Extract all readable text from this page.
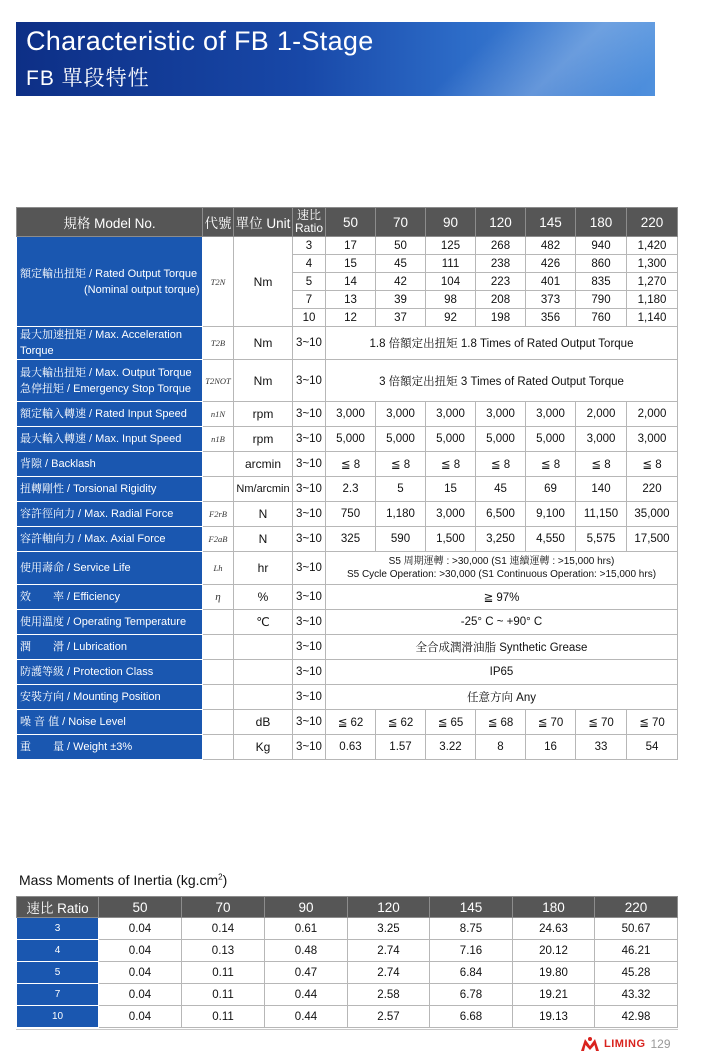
Characteristic of FB 1-Stage
FB 單段特性
規格 Model No.	代號	單位 Unit	速比
Ratio	50	70	90	120	145	180	220
額定輸出扭矩 / Rated Output Torque
(Nominal output torque)	T2N	Nm	3	17	50	125	268	482	940	1,420
			4	15	45	111	238	426	860	1,300
			5	14	42	104	223	401	835	1,270
			7	13	39	98	208	373	790	1,180
			10	12	37	92	198	356	760	1,140
最大加速扭矩 / Max. Acceleration Torque	T2B	Nm	3~10	1.8 倍額定出扭矩 1.8 Times of Rated Output Torque						
最大輸出扭矩 / Max. Output Torque
急停扭矩 / Emergency Stop Torque	T2NOT	Nm	3~10	3 倍額定出扭矩 3 Times of Rated Output Torque						
額定輸入轉速 / Rated Input Speed	n1N	rpm	3~10	3,000	3,000	3,000	3,000	3,000	2,000	2,000
最大輸入轉速 / Max. Input Speed	n1B	rpm	3~10	5,000	5,000	5,000	5,000	5,000	3,000	3,000
背隙 / Backlash		arcmin	3~10	≦ 8	≦ 8	≦ 8	≦ 8	≦ 8	≦ 8	≦ 8
扭轉剛性 / Torsional Rigidity		Nm/arcmin	3~10	2.3	5	15	45	69	140	220
容許徑向力 / Max. Radial Force	F2rB	N	3~10	750	1,180	3,000	6,500	9,100	11,150	35,000
容許軸向力 / Max. Axial Force	F2aB	N	3~10	325	590	1,500	3,250	4,550	5,575	17,500
使用壽命 / Service Life	Lh	hr	3~10	S5 周期運轉 : >30,000 (S1 連續運轉 : >15,000 hrs)
S5 Cycle Operation: >30,000 (S1 Continuous Operation: >15,000 hrs)						
效　　率 / Efficiency	η	%	3~10	≧ 97%						
使用溫度 / Operating Temperature		℃	3~10	-25° C ~ +90° C						
潤　　滑 / Lubrication			3~10	全合成潤滑油脂 Synthetic Grease						
防護等級 / Protection Class			3~10	IP65						
安裝方向 / Mounting Position			3~10	任意方向 Any						
噪 音 值 / Noise Level		dB	3~10	≦ 62	≦ 62	≦ 65	≦ 68	≦ 70	≦ 70	≦ 70
重　　量 / Weight ±3%		Kg	3~10	0.63	1.57	3.22	8	16	33	54
Mass Moments of Inertia $(kg.cm^2)$
速比 Ratio	50	70	90	120	145	180	220
3	0.04	0.14	0.61	3.25	8.75	24.63	50.67
4	0.04	0.13	0.48	2.74	7.16	20.12	46.21
5	0.04	0.11	0.47	2.74	6.84	19.80	45.28
7	0.04	0.11	0.44	2.58	6.78	19.21	43.32
10	0.04	0.11	0.44	2.57	6.68	19.13	42.98
LIMING 129
